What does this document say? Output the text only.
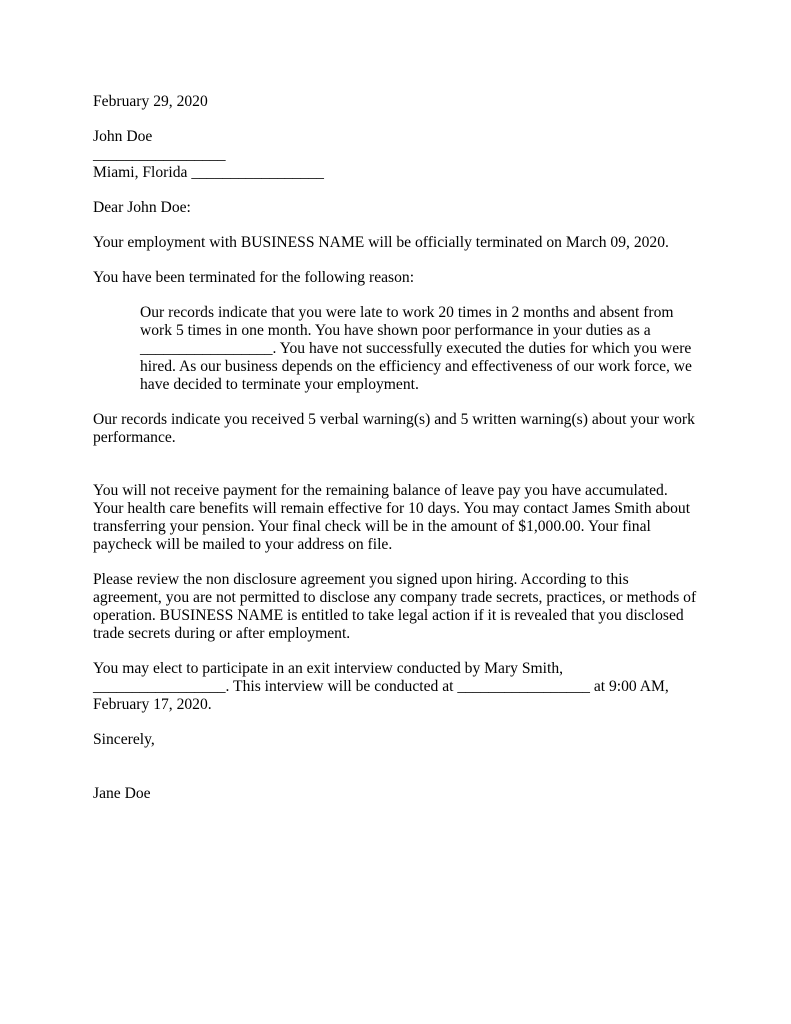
February 29, 2020

John Doe

_________________

Miami, Florida _________________

Dear John Doe:

Your employment with BUSINESS NAME will be officially terminated on March 09, 2020.

You have been terminated for the following reason:

Our records indicate that you were late to work 20 times in 2 months and absent from

work 5 times in one month. You have shown poor performance in your duties as a

_________________. You have not successfully executed the duties for which you were

hired. As our business depends on the efficiency and effectiveness of our work force, we

have decided to terminate your employment.

Our records indicate you received 5 verbal warning(s) and 5 written warning(s) about your work

performance.

You will not receive payment for the remaining balance of leave pay you have accumulated.

Your health care benefits will remain effective for 10 days. You may contact James Smith about

transferring your pension. Your final check will be in the amount of $1,000.00. Your final

paycheck will be mailed to your address on file.

Please review the non disclosure agreement you signed upon hiring. According to this

agreement, you are not permitted to disclose any company trade secrets, practices, or methods of

operation. BUSINESS NAME is entitled to take legal action if it is revealed that you disclosed

trade secrets during or after employment.

You may elect to participate in an exit interview conducted by Mary Smith,

_________________. This interview will be conducted at _________________ at 9:00 AM,

February 17, 2020.

Sincerely,

Jane Doe
